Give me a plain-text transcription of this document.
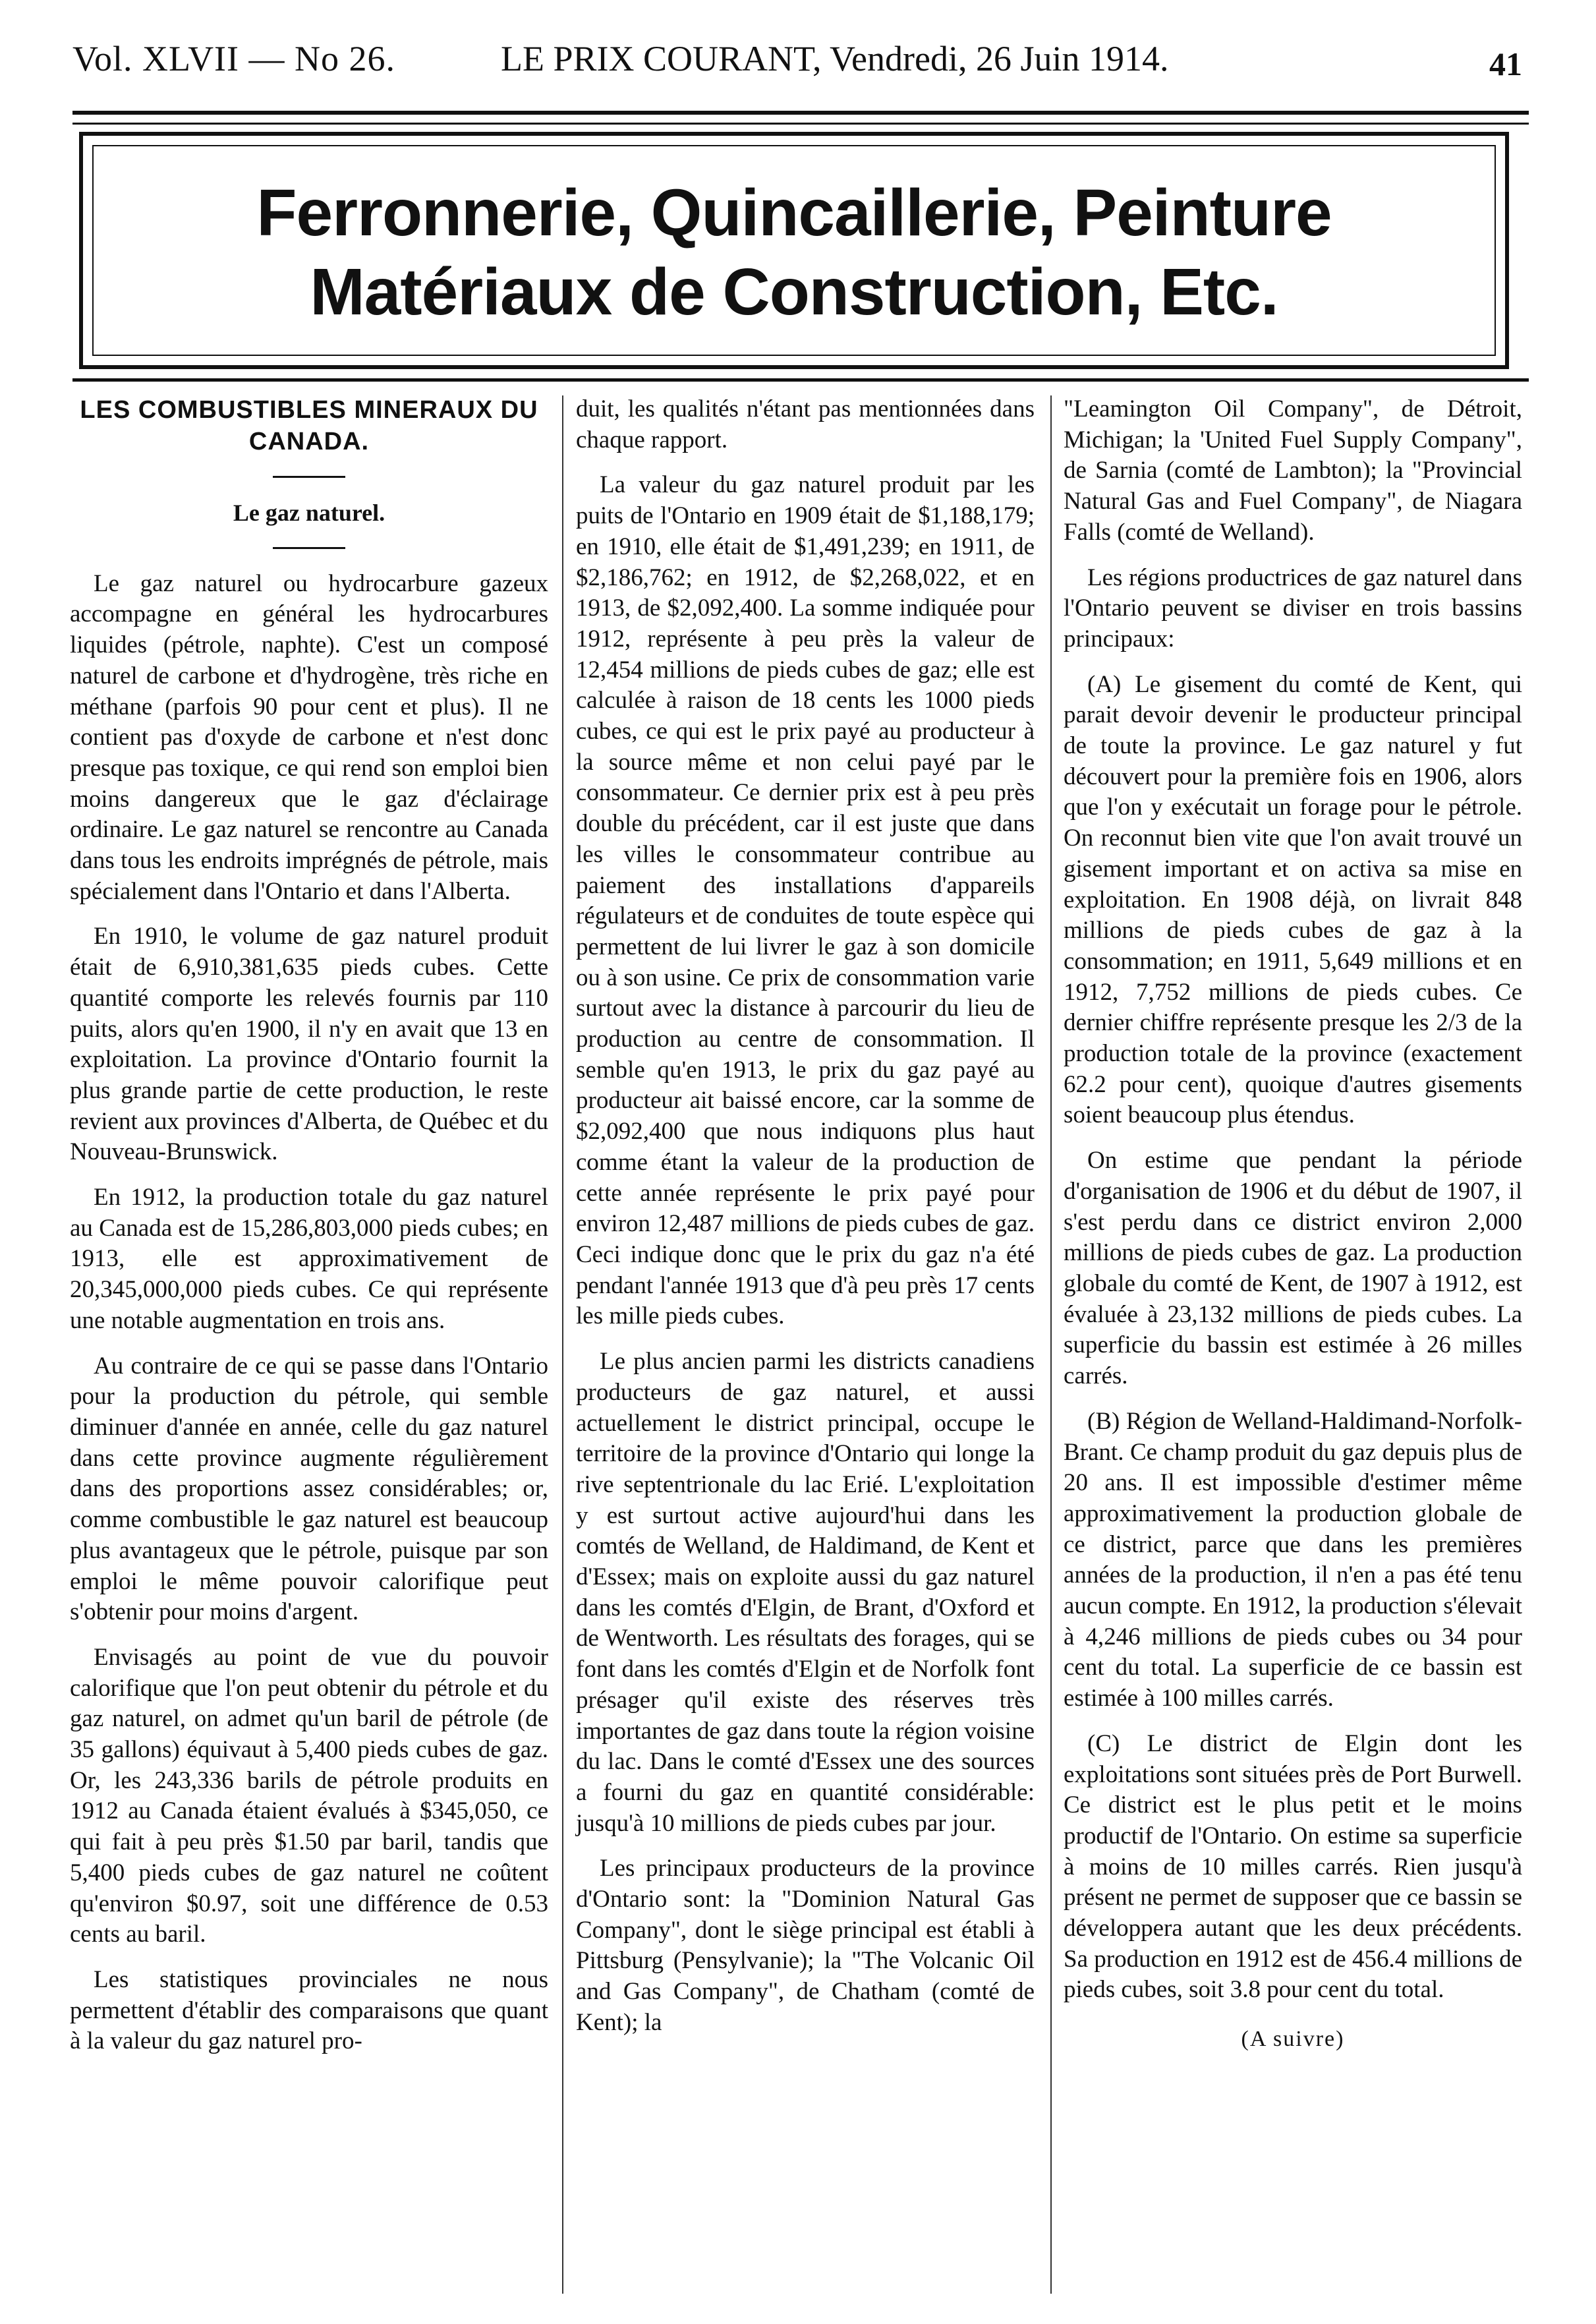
Vol. XLVII — No 26.	LE PRIX COURANT, Vendredi, 26 Juin 1914.	41
Ferronnerie, Quincaillerie, Peinture
Matériaux de Construction, Etc.
LES COMBUSTIBLES MINERAUX DU CANADA.
Le gaz naturel.

Le gaz naturel ou hydrocarbure gazeux accompagne en général les hydrocarbures liquides (pétrole, naphte). C'est un composé naturel de carbone et d'hydrogène, très riche en méthane (parfois 90 pour cent et plus). Il ne contient pas d'oxyde de carbone et n'est donc presque pas toxique, ce qui rend son emploi bien moins dangereux que le gaz d'éclairage ordinaire. Le gaz naturel se rencontre au Canada dans tous les endroits imprégnés de pétrole, mais spécialement dans l'Ontario et dans l'Alberta.

En 1910, le volume de gaz naturel produit était de 6,910,381,635 pieds cubes. Cette quantité comporte les relevés fournis par 110 puits, alors qu'en 1900, il n'y en avait que 13 en exploitation. La province d'Ontario fournit la plus grande partie de cette production, le reste revient aux provinces d'Alberta, de Québec et du Nouveau-Brunswick.

En 1912, la production totale du gaz naturel au Canada est de 15,286,803,000 pieds cubes; en 1913, elle est approximativement de 20,345,000,000 pieds cubes. Ce qui représente une notable augmentation en trois ans.

Au contraire de ce qui se passe dans l'Ontario pour la production du pétrole, qui semble diminuer d'année en année, celle du gaz naturel dans cette province augmente régulièrement dans des proportions assez considérables; or, comme combustible le gaz naturel est beaucoup plus avantageux que le pétrole, puisque par son emploi le même pouvoir calorifique peut s'obtenir pour moins d'argent.

Envisagés au point de vue du pouvoir calorifique que l'on peut obtenir du pétrole et du gaz naturel, on admet qu'un baril de pétrole (de 35 gallons) équivaut à 5,400 pieds cubes de gaz. Or, les 243,336 barils de pétrole produits en 1912 au Canada étaient évalués à $345,050, ce qui fait à peu près $1.50 par baril, tandis que 5,400 pieds cubes de gaz naturel ne coûtent qu'environ $0.97, soit une différence de 0.53 cents au baril.

Les statistiques provinciales ne nous permettent d'établir des comparaisons que quant à la valeur du gaz naturel pro-

duit, les qualités n'étant pas mentionnées dans chaque rapport.

La valeur du gaz naturel produit par les puits de l'Ontario en 1909 était de $1,188,179; en 1910, elle était de $1,491,239; en 1911, de $2,186,762; en 1912, de $2,268,022, et en 1913, de $2,092,400. La somme indiquée pour 1912, représente à peu près la valeur de 12,454 millions de pieds cubes de gaz; elle est calculée à raison de 18 cents les 1000 pieds cubes, ce qui est le prix payé au producteur à la source même et non celui payé par le consommateur. Ce dernier prix est à peu près double du précédent, car il est juste que dans les villes le consommateur contribue au paiement des installations d'appareils régulateurs et de conduites de toute espèce qui permettent de lui livrer le gaz à son domicile ou à son usine. Ce prix de consommation varie surtout avec la distance à parcourir du lieu de production au centre de consommation. Il semble qu'en 1913, le prix du gaz payé au producteur ait baissé encore, car la somme de $2,092,400 que nous indiquons plus haut comme étant la valeur de la production de cette année représente le prix payé pour environ 12,487 millions de pieds cubes de gaz. Ceci indique donc que le prix du gaz n'a été pendant l'année 1913 que d'à peu près 17 cents les mille pieds cubes.

Le plus ancien parmi les districts canadiens producteurs de gaz naturel, et aussi actuellement le district principal, occupe le territoire de la province d'Ontario qui longe la rive septentrionale du lac Erié. L'exploitation y est surtout active aujourd'hui dans les comtés de Welland, de Haldimand, de Kent et d'Essex; mais on exploite aussi du gaz naturel dans les comtés d'Elgin, de Brant, d'Oxford et de Wentworth. Les résultats des forages, qui se font dans les comtés d'Elgin et de Norfolk font présager qu'il existe des réserves très importantes de gaz dans toute la région voisine du lac. Dans le comté d'Essex une des sources a fourni du gaz en quantité considérable: jusqu'à 10 millions de pieds cubes par jour.

Les principaux producteurs de la province d'Ontario sont: la "Dominion Natural Gas Company", dont le siège principal est établi à Pittsburg (Pensylvanie); la "The Volcanic Oil and Gas Company", de Chatham (comté de Kent); la

"Leamington Oil Company", de Détroit, Michigan; la 'United Fuel Supply Company", de Sarnia (comté de Lambton); la "Provincial Natural Gas and Fuel Company", de Niagara Falls (comté de Welland).

Les régions productrices de gaz naturel dans l'Ontario peuvent se diviser en trois bassins principaux:

(A) Le gisement du comté de Kent, qui parait devoir devenir le producteur principal de toute la province. Le gaz naturel y fut découvert pour la première fois en 1906, alors que l'on y exécutait un forage pour le pétrole. On reconnut bien vite que l'on avait trouvé un gisement important et on activa sa mise en exploitation. En 1908 déjà, on livrait 848 millions de pieds cubes de gaz à la consommation; en 1911, 5,649 millions et en 1912, 7,752 millions de pieds cubes. Ce dernier chiffre représente presque les 2/3 de la production totale de la province (exactement 62.2 pour cent), quoique d'autres gisements soient beaucoup plus étendus.

On estime que pendant la période d'organisation de 1906 et du début de 1907, il s'est perdu dans ce district environ 2,000 millions de pieds cubes de gaz. La production globale du comté de Kent, de 1907 à 1912, est évaluée à 23,132 millions de pieds cubes. La superficie du bassin est estimée à 26 milles carrés.

(B) Région de Welland-Haldimand-Norfolk-Brant. Ce champ produit du gaz depuis plus de 20 ans. Il est impossible d'estimer même approximativement la production globale de ce district, parce que dans les premières années de la production, il n'en a pas été tenu aucun compte. En 1912, la production s'élevait à 4,246 millions de pieds cubes ou 34 pour cent du total. La superficie de ce bassin est estimée à 100 milles carrés.

(C) Le district de Elgin dont les exploitations sont situées près de Port Burwell. Ce district est le plus petit et le moins productif de l'Ontario. On estime sa superficie à moins de 10 milles carrés. Rien jusqu'à présent ne permet de supposer que ce bassin se développera autant que les deux précédents. Sa production en 1912 est de 456.4 millions de pieds cubes, soit 3.8 pour cent du total.

(A suivre)
